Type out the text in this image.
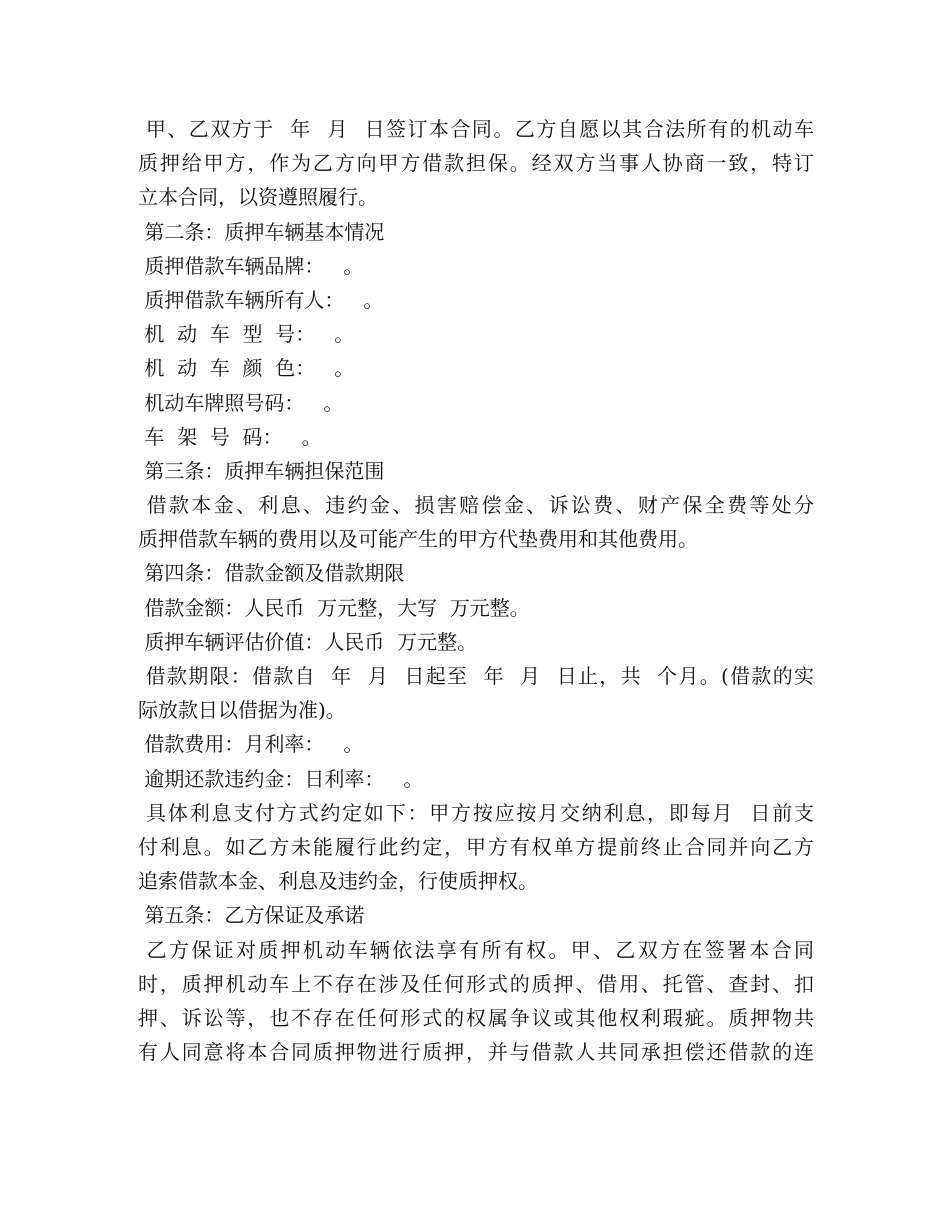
甲、乙双方于  年  月  日签订本合同。乙方自愿以其合法所有的机动车
质押给甲方，作为乙方向甲方借款担保。经双方当事人协商一致，特订
立本合同，以资遵照履行。
第二条：质押车辆基本情况
质押借款车辆品牌：   。
质押借款车辆所有人：   。
机  动  车  型  号：   。
机  动  车  颜  色：   。
机动车牌照号码：   。
车  架  号  码：   。
第三条：质押车辆担保范围
借款本金、利息、违约金、损害赔偿金、诉讼费、财产保全费等处分
质押借款车辆的费用以及可能产生的甲方代垫费用和其他费用。
第四条：借款金额及借款期限
借款金额：人民币  万元整，大写  万元整。
质押车辆评估价值：人民币  万元整。
借款期限：借款自  年  月  日起至  年  月  日止，共  个月。(借款的实
际放款日以借据为准)。
借款费用：月利率：   。
逾期还款违约金：日利率：   。
具体利息支付方式约定如下：甲方按应按月交纳利息，即每月  日前支
付利息。如乙方未能履行此约定，甲方有权单方提前终止合同并向乙方
追索借款本金、利息及违约金，行使质押权。
第五条：乙方保证及承诺
乙方保证对质押机动车辆依法享有所有权。甲、乙双方在签署本合同
时，质押机动车上不存在涉及任何形式的质押、借用、托管、查封、扣
押、诉讼等，也不存在任何形式的权属争议或其他权利瑕疵。质押物共
有人同意将本合同质押物进行质押，并与借款人共同承担偿还借款的连
